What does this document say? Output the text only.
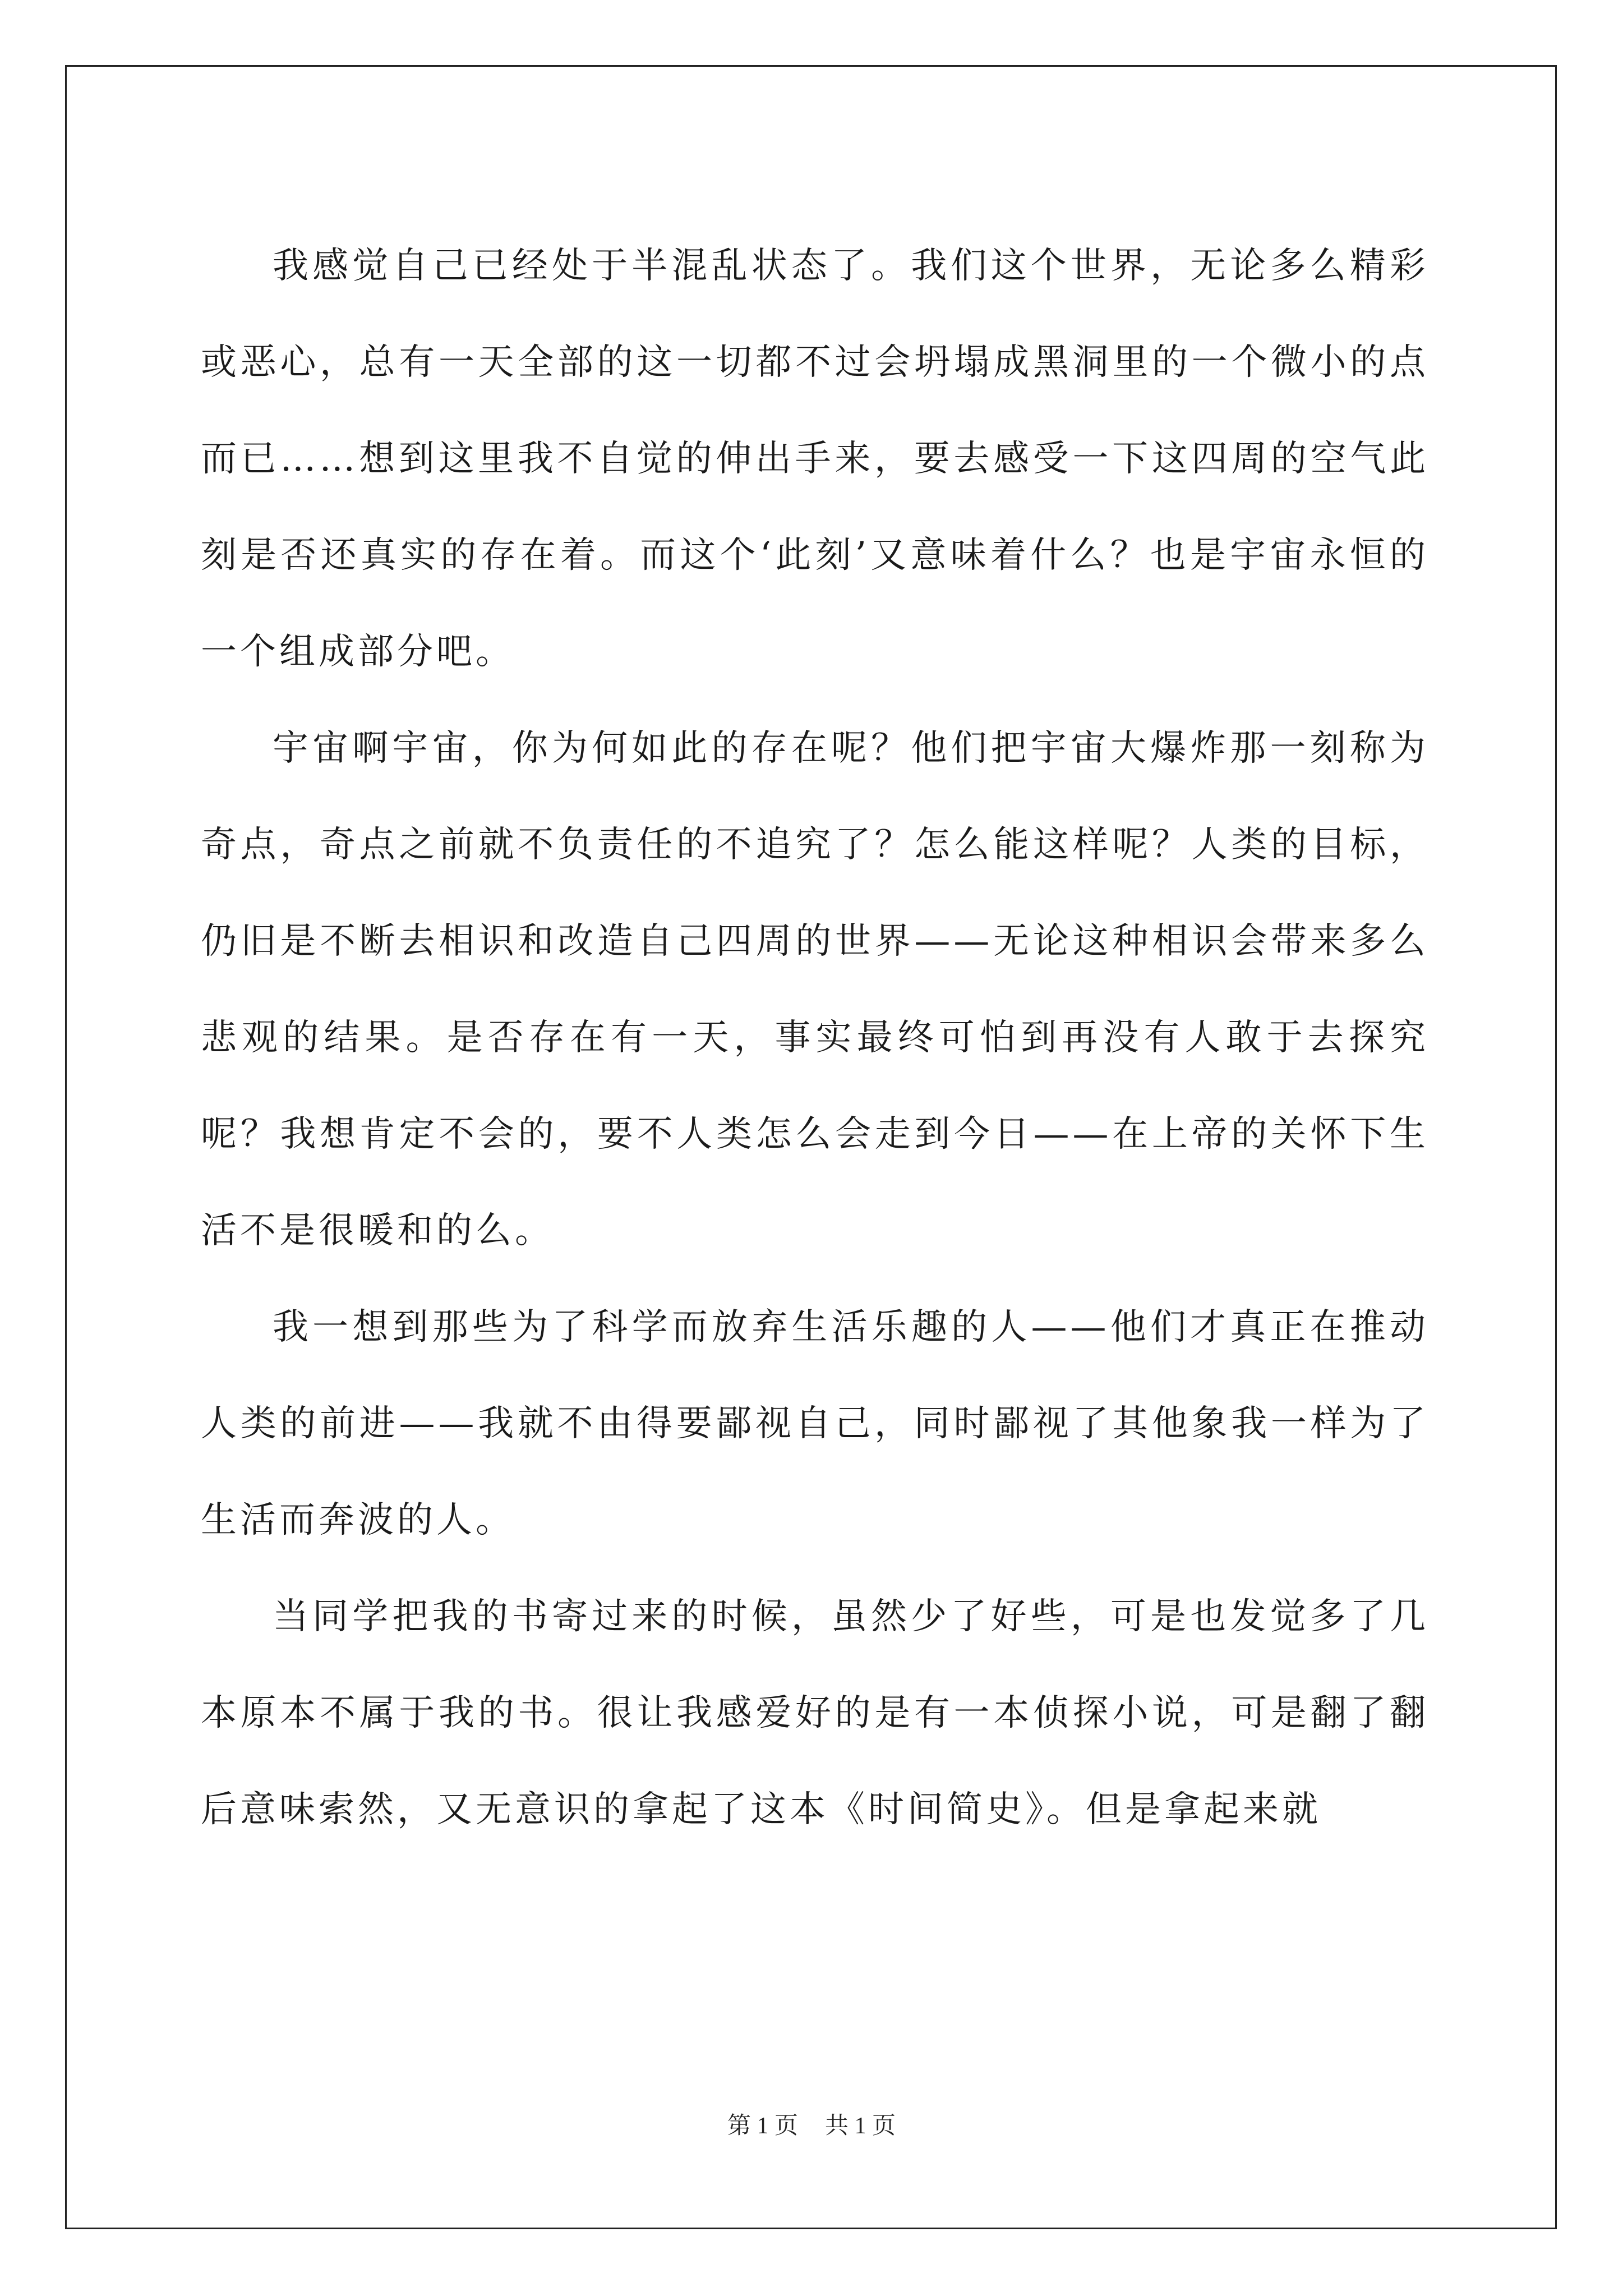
我感觉自己已经处于半混乱状态了。我们这个世界，无论多么精彩或恶心，总有一天全部的这一切都不过会坍塌成黑洞里的一个微小的点而已……想到这里我不自觉的伸出手来，要去感受一下这四周的空气此刻是否还真实的存在着。而这个‘此刻’又意味着什么？也是宇宙永恒的一个组成部分吧。

宇宙啊宇宙，你为何如此的存在呢？他们把宇宙大爆炸那一刻称为奇点，奇点之前就不负责任的不追究了？怎么能这样呢？人类的目标，仍旧是不断去相识和改造自己四周的世界——无论这种相识会带来多么悲观的结果。是否存在有一天，事实最终可怕到再没有人敢于去探究呢？我想肯定不会的，要不人类怎么会走到今日——在上帝的关怀下生活不是很暖和的么。

我一想到那些为了科学而放弃生活乐趣的人——他们才真正在推动人类的前进——我就不由得要鄙视自己，同时鄙视了其他象我一样为了生活而奔波的人。

当同学把我的书寄过来的时候，虽然少了好些，可是也发觉多了几本原本不属于我的书。很让我感爱好的是有一本侦探小说，可是翻了翻后意味索然，又无意识的拿起了这本《时间简史》。但是拿起来就

第 1 页 共 1 页
